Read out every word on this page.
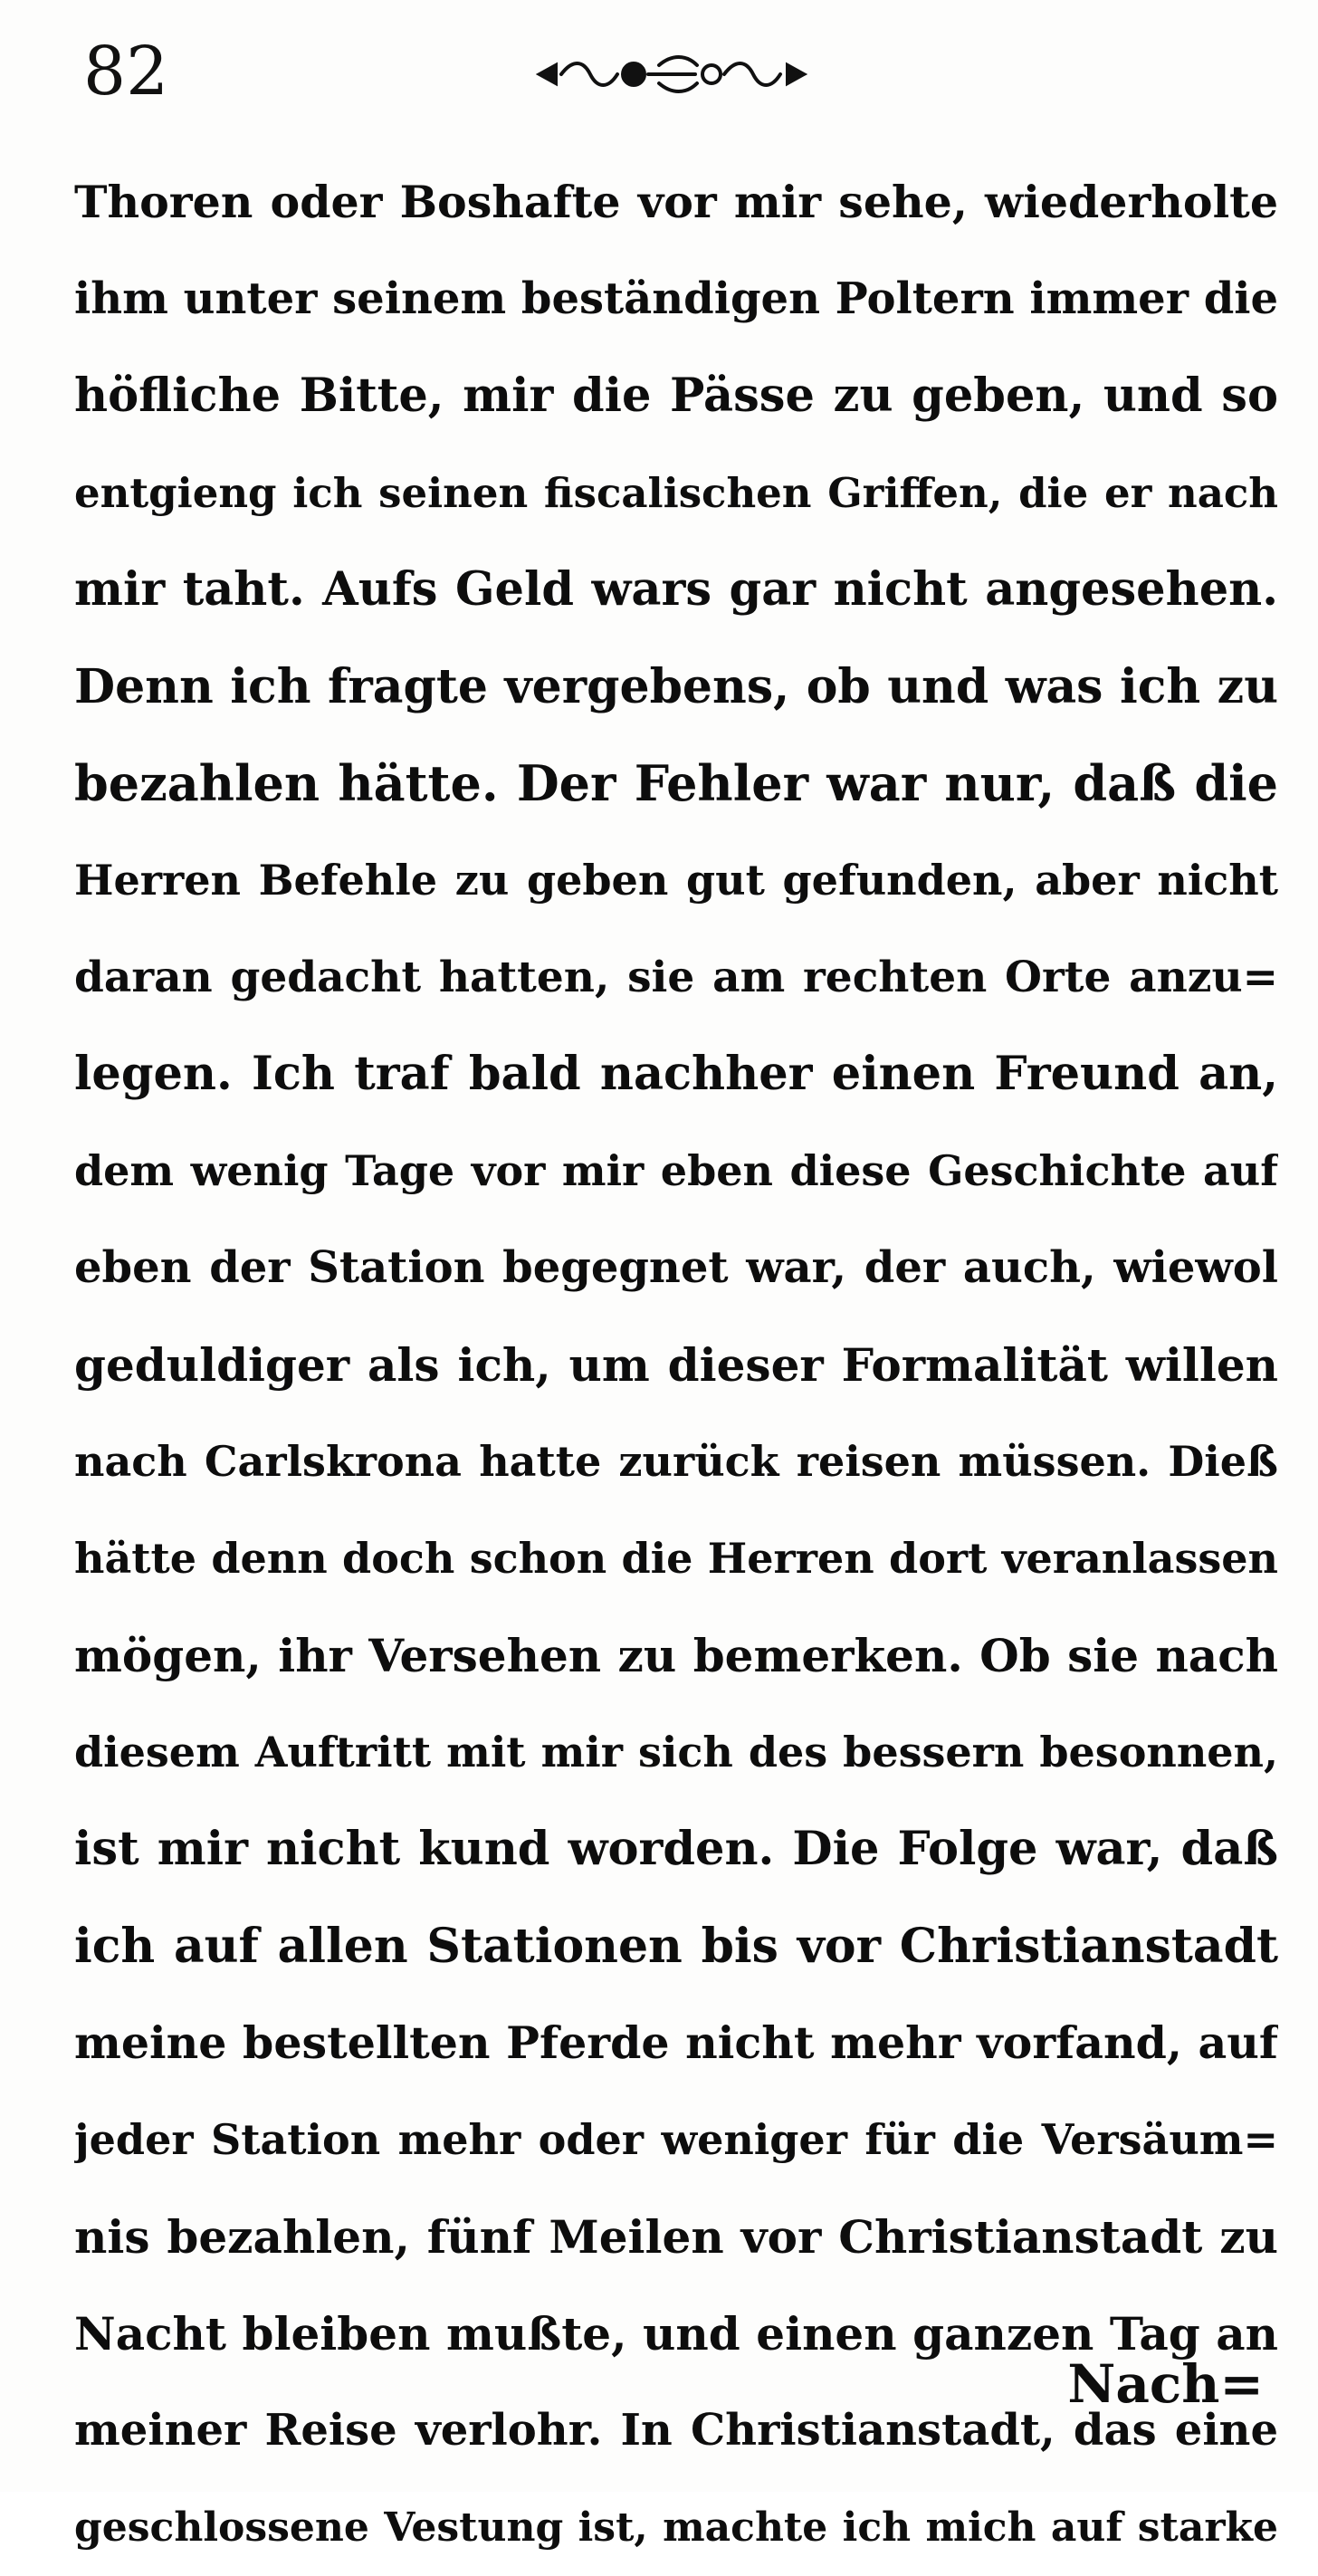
82
Thoren oder Boshafte vor mir sehe, wiederholte
ihm unter seinem beständigen Poltern immer die
höfliche Bitte, mir die Pässe zu geben, und so
entgieng ich seinen fiscalischen Griffen, die er nach
mir taht. Aufs Geld wars gar nicht angesehen.
Denn ich fragte vergebens, ob und was ich zu
bezahlen hätte. Der Fehler war nur, daß die
Herren Befehle zu geben gut gefunden, aber nicht
daran gedacht hatten, sie am rechten Orte anzu=
legen. Ich traf bald nachher einen Freund an,
dem wenig Tage vor mir eben diese Geschichte auf
eben der Station begegnet war, der auch, wiewol
geduldiger als ich, um dieser Formalität willen
nach Carlskrona hatte zurück reisen müssen. Dieß
hätte denn doch schon die Herren dort veranlassen
mögen, ihr Versehen zu bemerken. Ob sie nach
diesem Auftritt mit mir sich des bessern besonnen,
ist mir nicht kund worden. Die Folge war, daß
ich auf allen Stationen bis vor Christianstadt
meine bestellten Pferde nicht mehr vorfand, auf
jeder Station mehr oder weniger für die Versäum=
nis bezahlen, fünf Meilen vor Christianstadt zu
Nacht bleiben mußte, und einen ganzen Tag an
meiner Reise verlohr. In Christianstadt, das eine
geschlossene Vestung ist, machte ich mich auf starke
Nach=
